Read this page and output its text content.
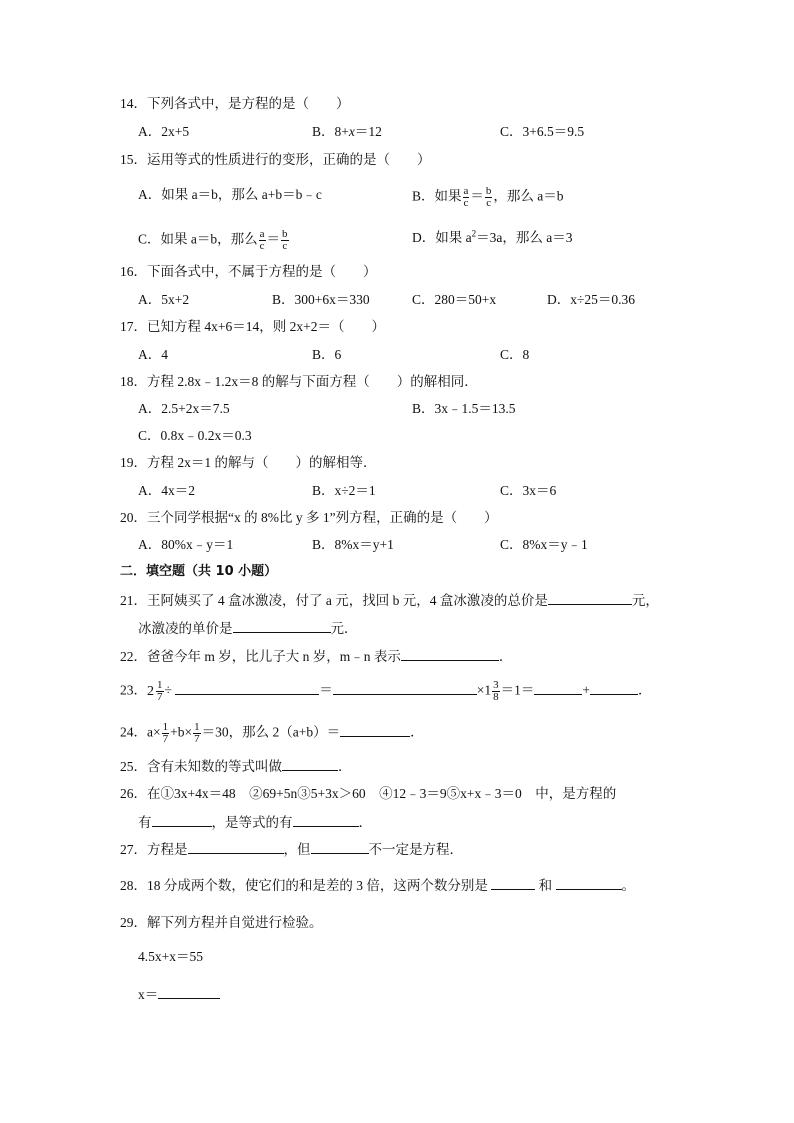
14．下列各式中，是方程的是（　　）
A．2x+5	B．8+x＝12	C．3+6.5＝9.5
15．运用等式的性质进行的变形，正确的是（　　）
A．如果 a＝b，那么 a+b＝b﹣c	B．如果 $\frac{a}{c} = \frac{b}{c}$ ，那么 a＝b
C．如果 a＝b，那么 $\frac{a}{c} = \frac{b}{c}$	D．如果 $a^2=3a$，那么 a＝3
16．下面各式中，不属于方程的是（　　）
A．5x+2	B．300+6x＝330	C．280＝50+x	D．x÷25＝0.36
17．已知方程 4x+6＝14，则 2x+2＝（　　）
A．4	B．6	C．8
18．方程 2.8x﹣1.2x＝8 的解与下面方程（　　）的解相同．
A．2.5+2x＝7.5	B．3x﹣1.5＝13.5
C．0.8x﹣0.2x＝0.3
19．方程 2x＝1 的解与（　　）的解相等．
A．4x＝2	B．x÷2＝1	C．3x＝6
20．三个同学根据“x 的 8%比 y 多 1”列方程，正确的是（　　）
A．80%x﹣y＝1	B．8%x＝y+1	C．8%x＝y﹣1
二．填空题（共 10 小题）
21．王阿姨买了 4 盒冰激凌，付了 a 元，找回 b 元，4 盒冰激凌的总价是	元，
冰激凌的单价是	元．
22．爸爸今年 m 岁，比儿子大 n 岁，m﹣n 表示	．
23． $2 \frac{1}{7}$ ÷	＝	$\times 1 \frac{3}{8} =1=$	+	．
24．$a\times \frac{1}{7} +b\times \frac{1}{7} =30$，那么 2（a+b）＝	．
25．含有未知数的等式叫做	．
26．在①3x+4x＝48　②69+5n③5+3x＞60　④12﹣3＝9⑤x+x﹣3＝0　中，是方程的
有	，是等式的有	．
27．方程是	，但	不一定是方程．
28．18 分成两个数，使它们的和是差的 3 倍，这两个数分别是	和	。
29．解下列方程并自觉进行检验。
4.5x+x＝55
x＝
